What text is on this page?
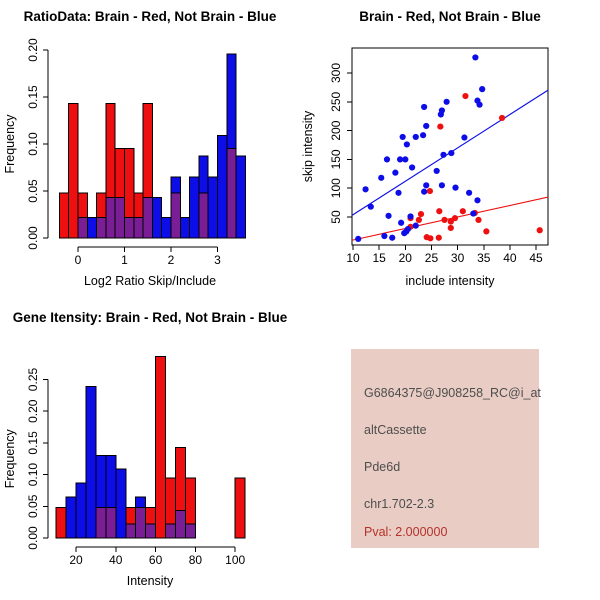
RatioData: Brain - Red, Not Brain - Blue
0.00
0.05
0.10
0.15
0.20
Frequency
0	1	2	3
Log2 Ratio Skip/Include
Brain - Red, Not Brain - Blue
10 15 20 25 30 35 40 45
include intensity
50
100
150
200
250
300
skip intensity
Gene Itensity: Brain - Red, Not Brain - Blue
0.00
0.05
0.10
0.15
0.20
0.25
Frequency
20 40 60 80 100
Intensity
G6864375@J908258_RC@i_at
altCassette
Pde6d
chr1.702-2.3
Pval: 2.000000
